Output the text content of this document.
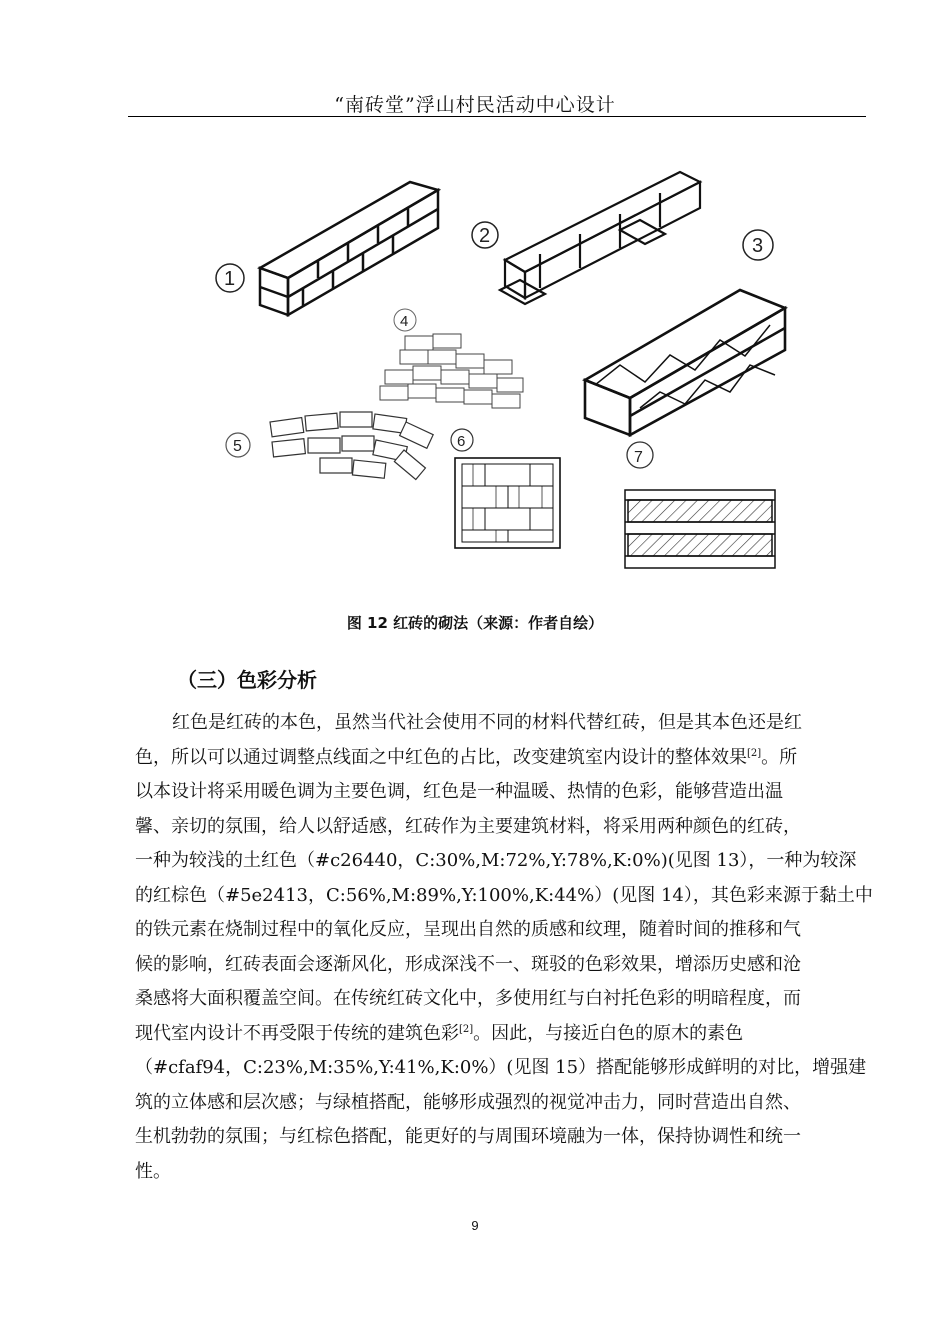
“南砖堂”浮山村民活动中心设计
1
2	3
4
5	6
7
图 12 红砖的砌法（来源：作者自绘）
（三）色彩分析
红色是红砖的本色，虽然当代社会使用不同的材料代替红砖，但是其本色还是红
色，所以可以通过调整点线面之中红色的占比，改变建筑室内设计的整体效果[2]。所
以本设计将采用暖色调为主要色调，红色是一种温暖、热情的色彩，能够营造出温
馨、亲切的氛围，给人以舒适感，红砖作为主要建筑材料，将采用两种颜色的红砖，
一种为较浅的土红色（#c26440，C:30%,M:72%,Y:78%,K:0%)(见图 13），一种为较深
的红棕色（#5e2413，C:56%,M:89%,Y:100%,K:44%）(见图 14），其色彩来源于黏土中
的铁元素在烧制过程中的氧化反应，呈现出自然的质感和纹理，随着时间的推移和气
候的影响，红砖表面会逐渐风化，形成深浅不一、斑驳的色彩效果，增添历史感和沧
桑感将大面积覆盖空间。在传统红砖文化中，多使用红与白衬托色彩的明暗程度，而
现代室内设计不再受限于传统的建筑色彩[2]。因此，与接近白色的原木的素色
（#cfaf94，C:23%,M:35%,Y:41%,K:0%）(见图 15）搭配能够形成鲜明的对比，增强建
筑的立体感和层次感；与绿植搭配，能够形成强烈的视觉冲击力，同时营造出自然、
生机勃勃的氛围；与红棕色搭配，能更好的与周围环境融为一体，保持协调性和统一
性。
9
